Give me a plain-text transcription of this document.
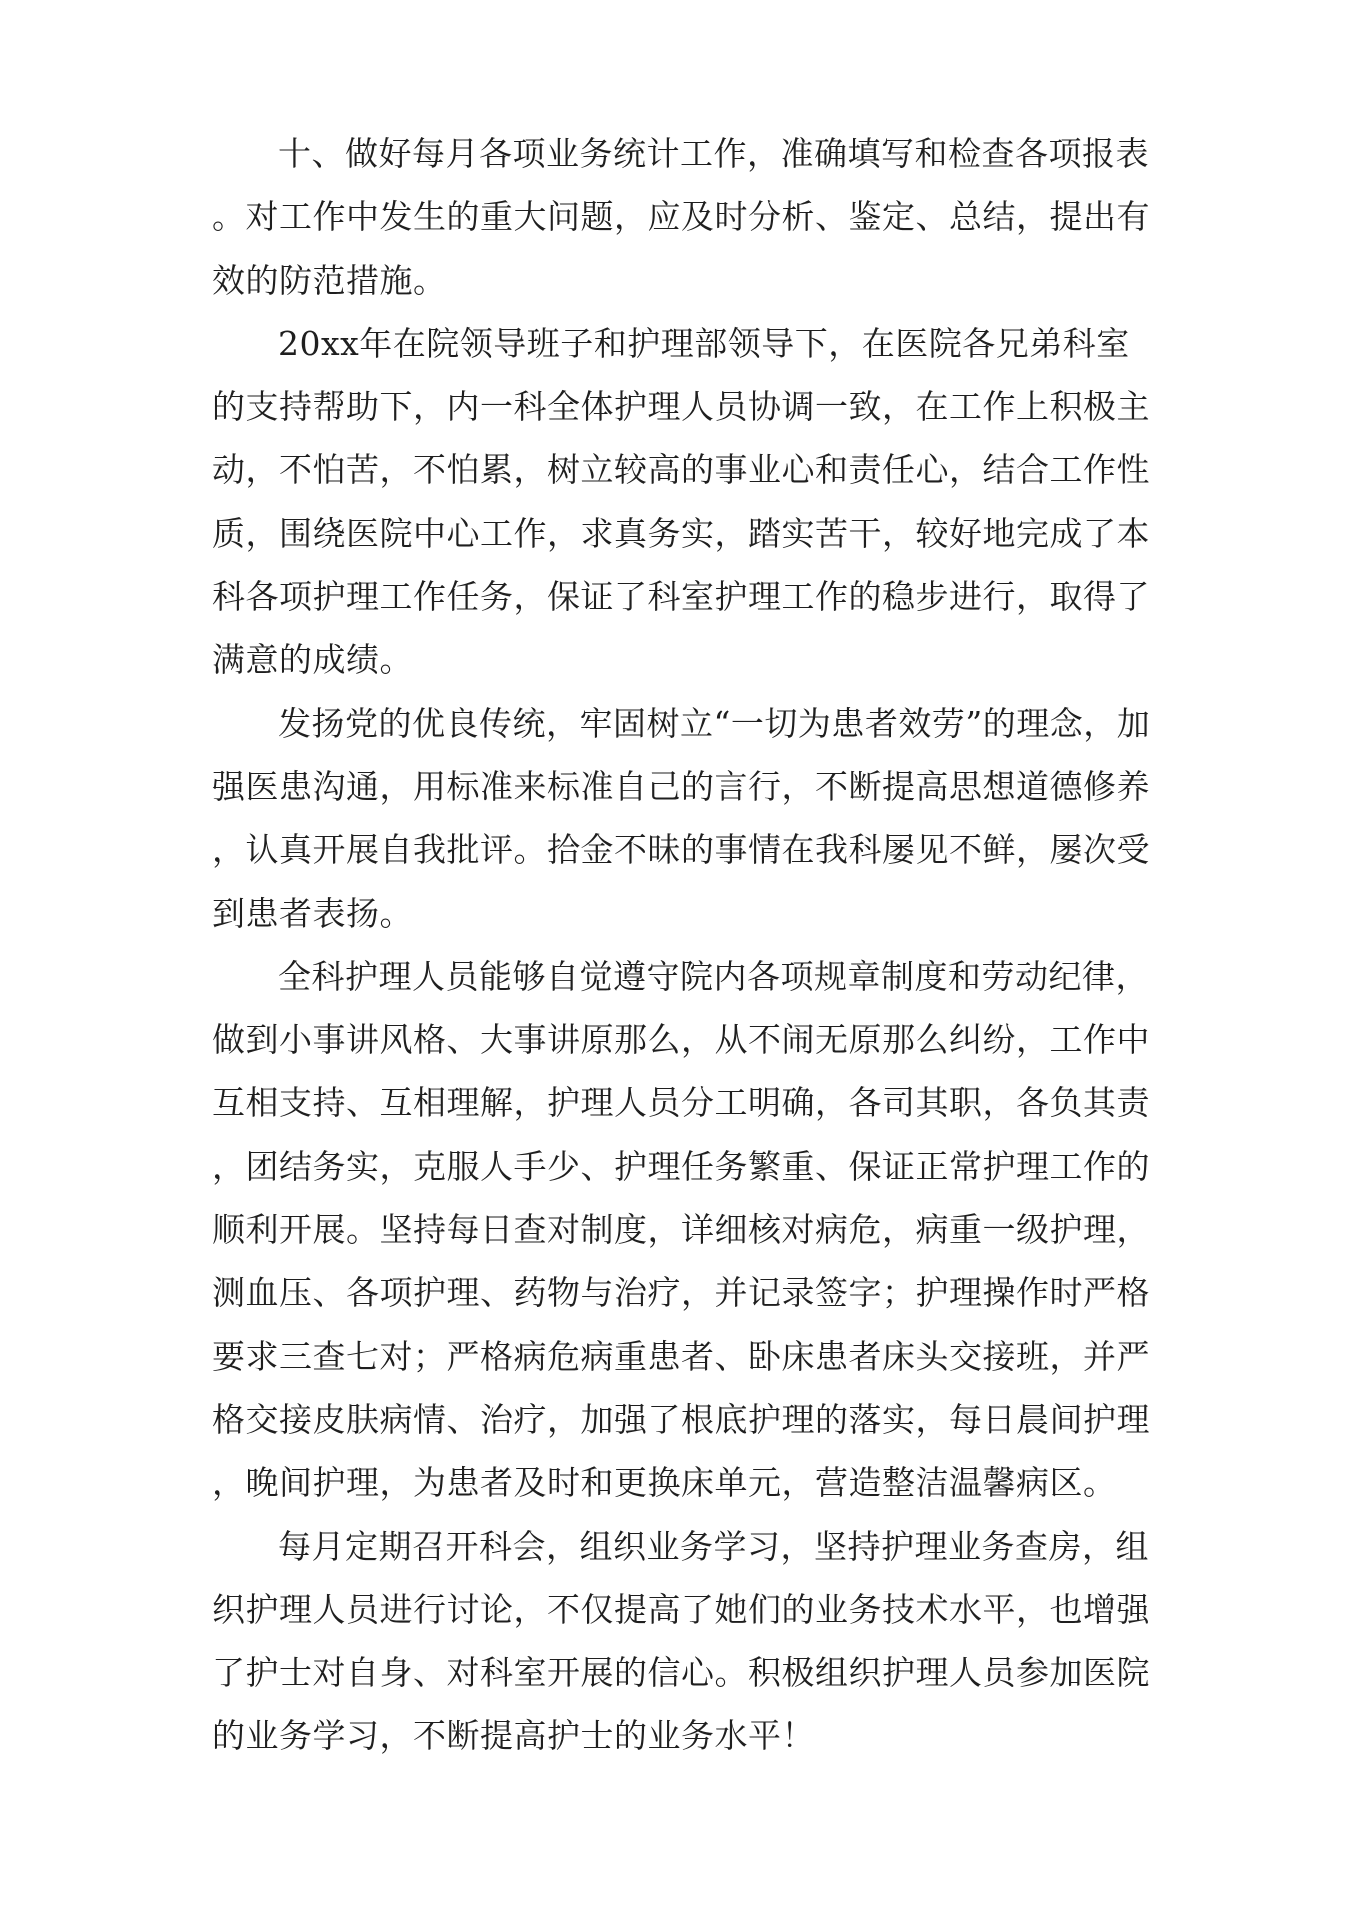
十、做好每月各项业务统计工作，准确填写和检查各项报表。对工作中发生的重大问题，应及时分析、鉴定、总结，提出有效的防范措施。

20xx年在院领导班子和护理部领导下，在医院各兄弟科室的支持帮助下，内一科全体护理人员协调一致，在工作上积极主动，不怕苦，不怕累，树立较高的事业心和责任心，结合工作性质，围绕医院中心工作，求真务实，踏实苦干，较好地完成了本科各项护理工作任务，保证了科室护理工作的稳步进行，取得了满意的成绩。

发扬党的优良传统，牢固树立“一切为患者效劳”的理念，加强医患沟通，用标准来标准自己的言行，不断提高思想道德修养，认真开展自我批评。拾金不昧的事情在我科屡见不鲜，屡次受到患者表扬。

全科护理人员能够自觉遵守院内各项规章制度和劳动纪律，做到小事讲风格、大事讲原那么，从不闹无原那么纠纷，工作中互相支持、互相理解，护理人员分工明确，各司其职，各负其责，团结务实，克服人手少、护理任务繁重、保证正常护理工作的顺利开展。坚持每日查对制度，详细核对病危，病重一级护理，测血压、各项护理、药物与治疗，并记录签字；护理操作时严格要求三查七对；严格病危病重患者、卧床患者床头交接班，并严格交接皮肤病情、治疗，加强了根底护理的落实，每日晨间护理，晚间护理，为患者及时和更换床单元，营造整洁温馨病区。

每月定期召开科会，组织业务学习，坚持护理业务查房，组织护理人员进行讨论，不仅提高了她们的业务技术水平，也增强了护士对自身、对科室开展的信心。积极组织护理人员参加医院的业务学习，不断提高护士的业务水平！
